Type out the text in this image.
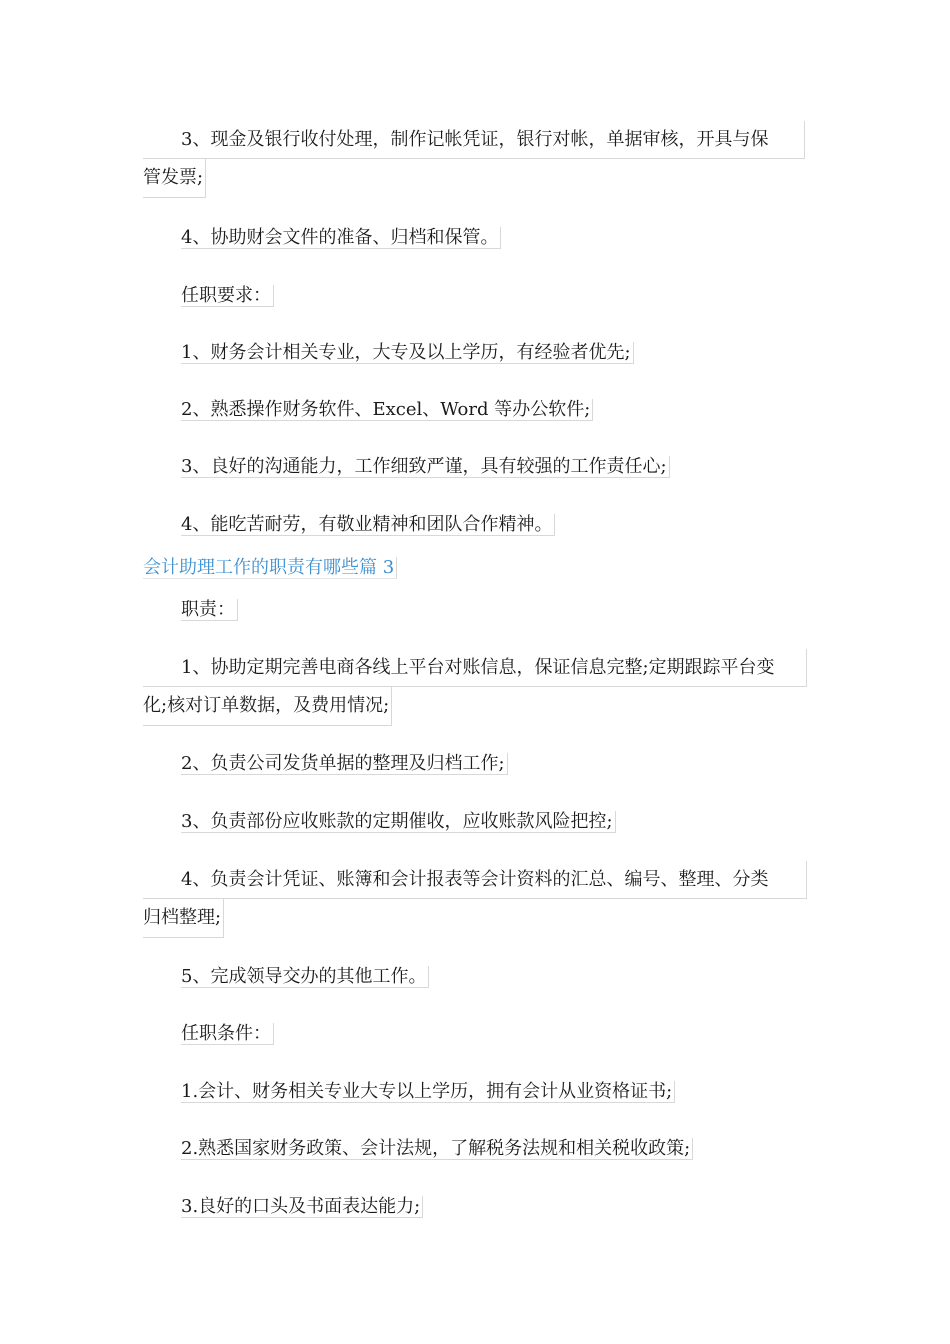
3、现金及银行收付处理，制作记帐凭证，银行对帐，单据审核，开具与保
管发票;
4、协助财会文件的准备、归档和保管。
任职要求：
1、财务会计相关专业，大专及以上学历，有经验者优先;
2、熟悉操作财务软件、Excel、Word 等办公软件;
3、良好的沟通能力，工作细致严谨，具有较强的工作责任心;
4、能吃苦耐劳，有敬业精神和团队合作精神。
会计助理工作的职责有哪些篇 3
职责：
1、协助定期完善电商各线上平台对账信息，保证信息完整;定期跟踪平台变
化;核对订单数据，及费用情况;
2、负责公司发货单据的整理及归档工作;
3、负责部份应收账款的定期催收，应收账款风险把控;
4、负责会计凭证、账簿和会计报表等会计资料的汇总、编号、整理、分类
归档整理;
5、完成领导交办的其他工作。
任职条件：
1.会计、财务相关专业大专以上学历，拥有会计从业资格证书;
2.熟悉国家财务政策、会计法规，了解税务法规和相关税收政策;
3.良好的口头及书面表达能力;
